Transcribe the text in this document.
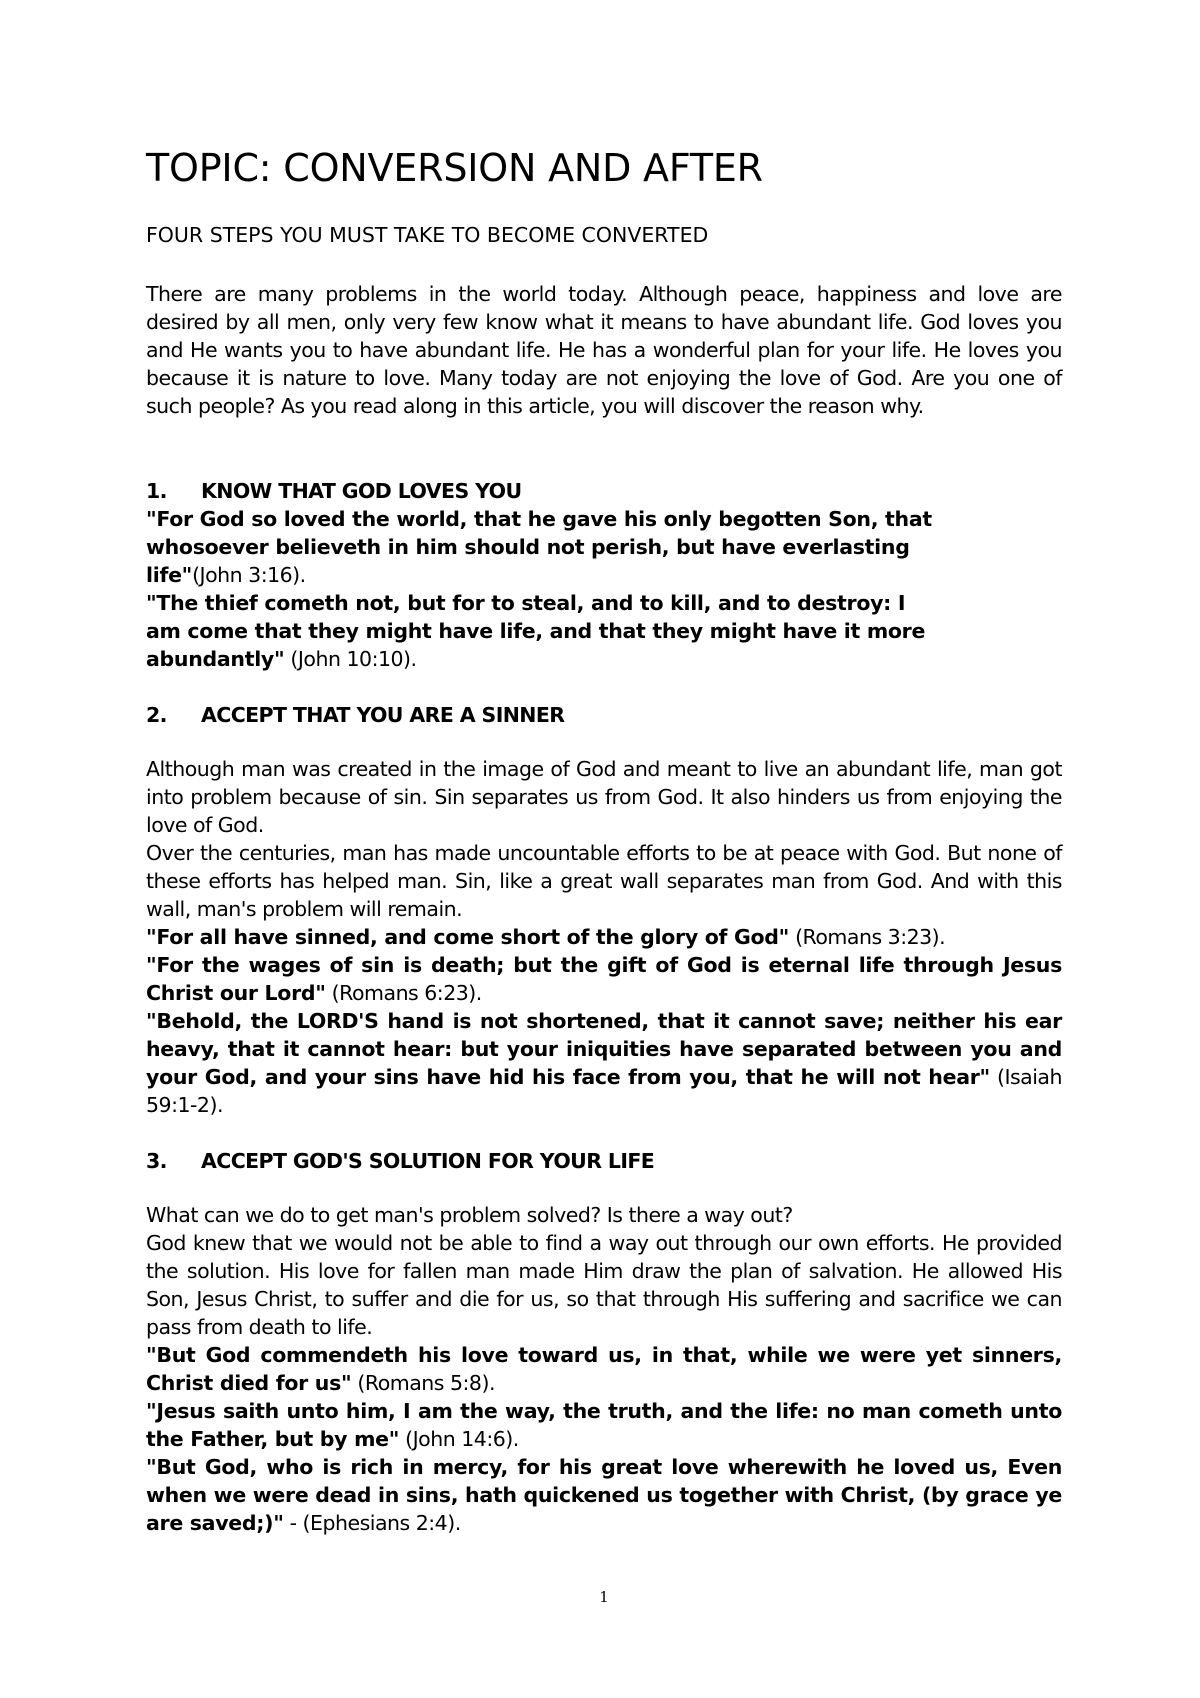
TOPIC: CONVERSION AND AFTER
FOUR STEPS YOU MUST TAKE TO BECOME CONVERTED

There are many problems in the world today. Although peace, happiness and love are desired by all men, only very few know what it means to have abundant life. God loves you and He wants you to have abundant life. He has a wonderful plan for your life. He loves you because it is nature to love. Many today are not enjoying the love of God. Are you one of such people? As you read along in this article, you will discover the reason why.

1. KNOW THAT GOD LOVES YOU

"For God so loved the world, that he gave his only begotten Son, that whosoever believeth in him should not perish, but have everlasting life"(John 3:16).

"The thief cometh not, but for to steal, and to kill, and to destroy: I am come that they might have life, and that they might have it more abundantly" (John 10:10).

2. ACCEPT THAT YOU ARE A SINNER

Although man was created in the image of God and meant to live an abundant life, man got into problem because of sin. Sin separates us from God. It also hinders us from enjoying the love of God.

Over the centuries, man has made uncountable efforts to be at peace with God. But none of these efforts has helped man. Sin, like a great wall separates man from God. And with this wall, man's problem will remain.

"For all have sinned, and come short of the glory of God" (Romans 3:23).

"For the wages of sin is death; but the gift of God is eternal life through Jesus Christ our Lord" (Romans 6:23).

"Behold, the LORD'S hand is not shortened, that it cannot save; neither his ear heavy, that it cannot hear: but your iniquities have separated between you and your God, and your sins have hid his face from you, that he will not hear" (Isaiah 59:1-2).

3. ACCEPT GOD'S SOLUTION FOR YOUR LIFE

What can we do to get man's problem solved? Is there a way out?

God knew that we would not be able to find a way out through our own efforts. He provided the solution. His love for fallen man made Him draw the plan of salvation. He allowed His Son, Jesus Christ, to suffer and die for us, so that through His suffering and sacrifice we can pass from death to life.

"But God commendeth his love toward us, in that, while we were yet sinners, Christ died for us" (Romans 5:8).

"Jesus saith unto him, I am the way, the truth, and the life: no man cometh unto the Father, but by me" (John 14:6).

"But God, who is rich in mercy, for his great love wherewith he loved us, Even when we were dead in sins, hath quickened us together with Christ, (by grace ye are saved;)" - (Ephesians 2:4).

1
